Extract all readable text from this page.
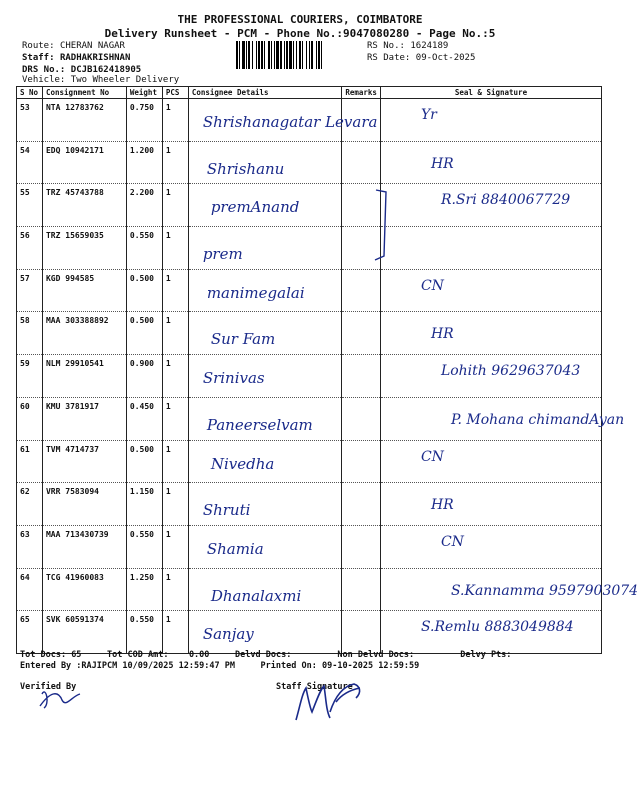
THE PROFESSIONAL COURIERS, COIMBATORE
Delivery Runsheet - PCM - Phone No.:9047080280 - Page No.:5
Route: CHERAN NAGAR
Staff: RADHAKRISHNAN
DRS No.: DCJB162418905
Vehicle: Two Wheeler Delivery
RS No.: 1624189
RS Date: 09-Oct-2025
S No	Consignment No	Weight	PCS	Consignee Details	Remarks	Seal & Signature
53	NTA 12783762	0.750	1	Shrishanagatar Levara		Yr

54	EDQ 10942171	1.200	1	Shrishanu		HR

55	TRZ 45743788	2.200	1	premAnand		R.Sri 8840067729

56	TRZ 15659035	0.550	1	prem		

57	KGD 994585	0.500	1	manimegalai		CN

58	MAA 303388892	0.500	1	Sur Fam		HR

59	NLM 29910541	0.900	1	Srinivas		Lohith 9629637043

60	KMU 3781917	0.450	1	Paneerselvam		P. Mohana chimandAyan

61	TVM 4714737	0.500	1	Nivedha		CN

62	VRR 7583094	1.150	1	Shruti		HR

63	MAA 713430739	0.550	1	Shamia		CN

64	TCG 41960083	1.250	1	Dhanalaxmi		S.Kannamma 9597903074

65	SVK 60591374	0.550	1	Sanjay		S.Remlu 8883049884
Tot Docs: 65	Tot COD Amt: 0.00	Delvd Docs:	Non Delvd Docs:	Delvy Pts:
Entered By :RAJIPCM 10/09/2025 12:59:47 PM	Printed On: 09-10-2025 12:59:59
Verified By	Staff Signature
